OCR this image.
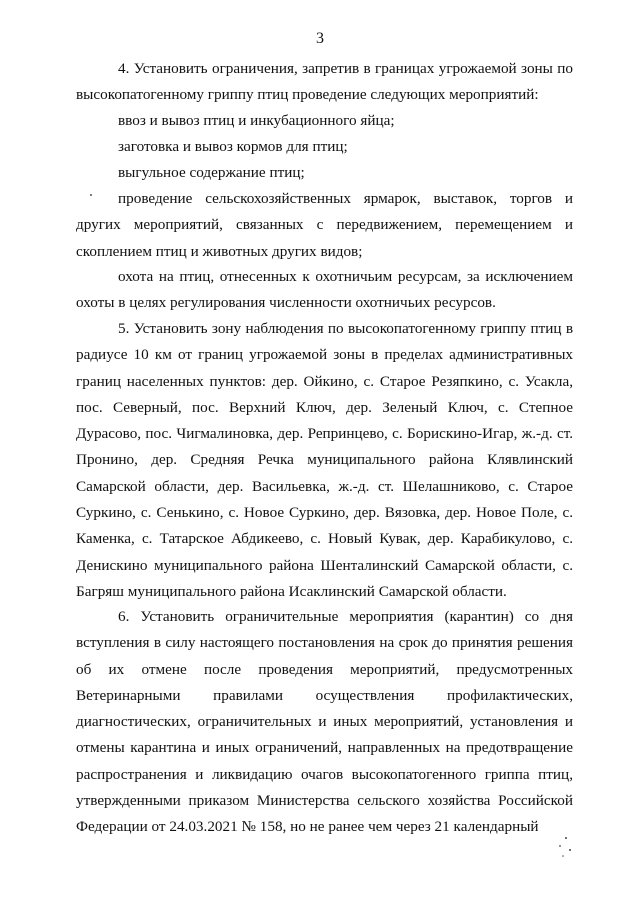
3
4. Установить ограничения, запретив в границах угрожаемой зоны по высокопатогенному гриппу птиц проведение следующих мероприятий:
ввоз и вывоз птиц и инкубационного яйца;
заготовка и вывоз кормов для птиц;
выгульное содержание птиц;
проведение сельскохозяйственных ярмарок, выставок, торгов и других мероприятий, связанных с передвижением, перемещением и скоплением птиц и животных других видов;
охота на птиц, отнесенных к охотничьим ресурсам, за исключением охоты в целях регулирования численности охотничьих ресурсов.
5. Установить зону наблюдения по высокопатогенному гриппу птиц в радиусе 10 км от границ угрожаемой зоны в пределах административных границ населенных пунктов: дер. Ойкино, с. Старое Резяпкино, с. Усакла, пос. Северный, пос. Верхний Ключ, дер. Зеленый Ключ, с. Степное Дурасово, пос. Чигмалиновка, дер. Репринцево, с. Борискино-Игар, ж.-д. ст. Пронино, дер. Средняя Речка муниципального района Клявлинский Самарской области, дер. Васильевка, ж.-д. ст. Шелашниково, с. Старое Суркино, с. Сенькино, с. Новое Суркино, дер. Вязовка, дер. Новое Поле, с. Каменка, с. Татарское Абдикеево, с. Новый Кувак, дер. Карабикулово, с. Денискино муниципального района Шенталинский Самарской области, с. Багряш муниципального района Исаклинский Самарской области.
6. Установить ограничительные мероприятия (карантин) со дня вступления в силу настоящего постановления на срок до принятия решения об их отмене после проведения мероприятий, предусмотренных Ветеринарными правилами осуществления профилактических, диагностических, ограничительных и иных мероприятий, установления и отмены карантина и иных ограничений, направленных на предотвращение распространения и ликвидацию очагов высокопатогенного гриппа птиц, утвержденными приказом Министерства сельского хозяйства Российской Федерации от 24.03.2021 № 158, но не ранее чем через 21 календарный
